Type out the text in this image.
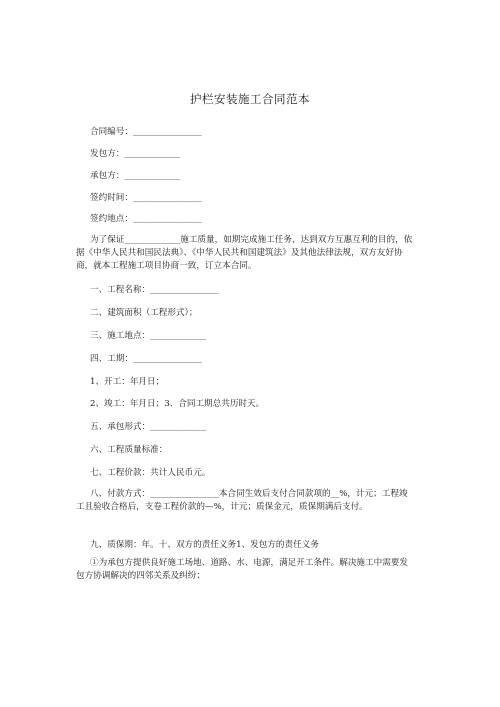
护栏安装施工合同范本
合同编号：________________
发包方：_____________
承包方：_____________
签约时间：________________
签约地点：________________
为了保证_____________施工质量，如期完成施工任务，达到双方互惠互利的目的，依据《中华人民共和国民法典》、《中华人民共和国建筑法》及其他法律法规，双方友好协商，就本工程施工项目协商一致，订立本合同。
一、工程名称：________________
二、建筑面积（工程形式）；
三、施工地点：_____________
四、工期：________________
1、开工：年月日；
2、竣工：年月日；3、合同工期总共历时天。
五、承包形式：_____________
六、工程质量标准：
七、工程价款：共计人民币元。
八、付款方式：________________本合同生效后支付合同款项的__%，计元；工程竣工且验收合格后，支卷工程价款的—%，计元；质保金元，质保期满后支付。
九、质保期：年。十、双方的责任义务1、发包方的责任义务
①为承包方提供良好施工场地、道路、水、电源，满足开工条件。解决施工中需要发包方协调解决的四邻关系及纠纷；
